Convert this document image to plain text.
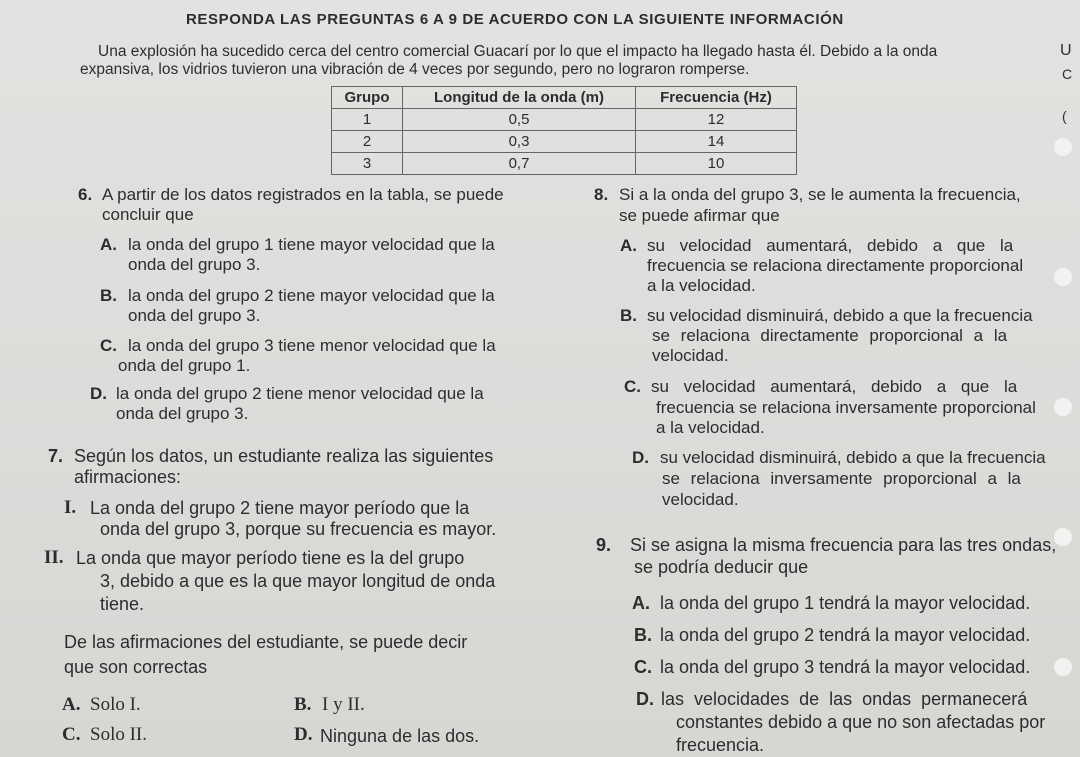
RESPONDA LAS PREGUNTAS 6 A 9 DE ACUERDO CON LA SIGUIENTE INFORMACIÓN
Una explosión ha sucedido cerca del centro comercial Guacarí por lo que el impacto ha llegado hasta él. Debido a la onda
expansiva, los vidrios tuvieron una vibración de 4 veces por segundo, pero no lograron romperse.
U
C
(
Grupo	Longitud de la onda (m)	Frecuencia (Hz)
1	0,5	12
2	0,3	14
3	0,7	10
6. A partir de los datos registrados en la tabla, se puede
concluir que
A. la onda del grupo 1 tiene mayor velocidad que la
onda del grupo 3.
B. la onda del grupo 2 tiene mayor velocidad que la
onda del grupo 3.
C. la onda del grupo 3 tiene menor velocidad que la
onda del grupo 1.
D. la onda del grupo 2 tiene menor velocidad que la
onda del grupo 3.
7. Según los datos, un estudiante realiza las siguientes
afirmaciones:
I. La onda del grupo 2 tiene mayor período que la
onda del grupo 3, porque su frecuencia es mayor.
II. La onda que mayor período tiene es la del grupo
3, debido a que es la que mayor longitud de onda
tiene.
De las afirmaciones del estudiante, se puede decir
que son correctas
A. Solo I.	B. I y II.
C. Solo II.	D. Ninguna de las dos.
8. Si a la onda del grupo 3, se le aumenta la frecuencia,
se puede afirmar que
A. su velocidad aumentará, debido a que la
frecuencia se relaciona directamente proporcional
a la velocidad.
B. su velocidad disminuirá, debido a que la frecuencia
se relaciona directamente proporcional a la
velocidad.
C. su velocidad aumentará, debido a que la
frecuencia se relaciona inversamente proporcional
a la velocidad.
D. su velocidad disminuirá, debido a que la frecuencia
se relaciona inversamente proporcional a la
velocidad.
9. Si se asigna la misma frecuencia para las tres ondas,
se podría deducir que
A. la onda del grupo 1 tendrá la mayor velocidad.
B. la onda del grupo 2 tendrá la mayor velocidad.
C. la onda del grupo 3 tendrá la mayor velocidad.
D. las velocidades de las ondas permanecerá
constantes debido a que no son afectadas por
frecuencia.
